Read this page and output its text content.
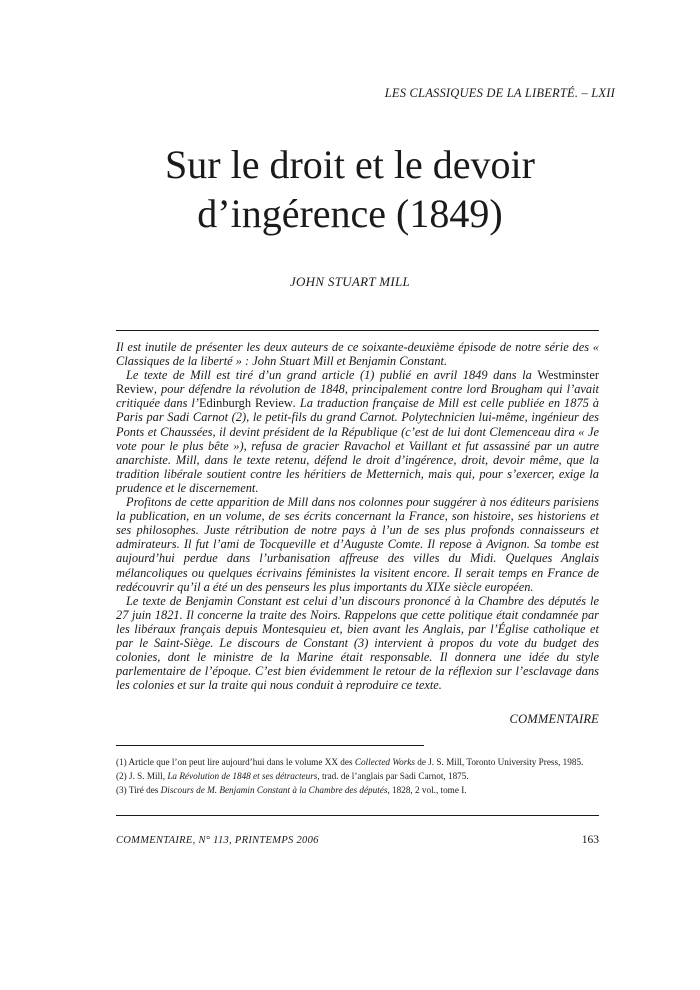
LES CLASSIQUES DE LA LIBERTÉ. – LXII
Sur le droit et le devoir
d’ingérence (1849)
JOHN STUART MILL

Il est inutile de présenter les deux auteurs de ce soixante-deuxième épisode de notre série des « Classiques de la liberté » : John Stuart Mill et Benjamin Constant.

Le texte de Mill est tiré d’un grand article (1) publié en avril 1849 dans la Westminster Review, pour défendre la révolution de 1848, principalement contre lord Brougham qui l’avait critiquée dans l’Edinburgh Review. La traduction française de Mill est celle publiée en 1875 à Paris par Sadi Carnot (2), le petit-fils du grand Carnot. Polytechnicien lui-même, ingénieur des Ponts et Chaussées, il devint président de la République (c’est de lui dont Clemenceau dira « Je vote pour le plus bête »), refusa de gracier Ravachol et Vaillant et fut assassiné par un autre anarchiste. Mill, dans le texte retenu, défend le droit d’ingérence, droit, devoir même, que la tradition libérale soutient contre les héritiers de Metternich, mais qui, pour s’exercer, exige la prudence et le discernement.

Profitons de cette apparition de Mill dans nos colonnes pour suggérer à nos éditeurs parisiens la publication, en un volume, de ses écrits concernant la France, son histoire, ses historiens et ses philosophes. Juste rétribution de notre pays à l’un de ses plus profonds connaisseurs et admirateurs. Il fut l’ami de Tocqueville et d’Auguste Comte. Il repose à Avignon. Sa tombe est aujourd’hui perdue dans l’urbanisation affreuse des villes du Midi. Quelques Anglais mélancoliques ou quelques écrivains féministes la visitent encore. Il serait temps en France de redécouvrir qu’il a été un des penseurs les plus importants du XIXe siècle européen.

Le texte de Benjamin Constant est celui d’un discours prononcé à la Chambre des députés le 27 juin 1821. Il concerne la traite des Noirs. Rappelons que cette politique était condamnée par les libéraux français depuis Montesquieu et, bien avant les Anglais, par l’Église catholique et par le Saint-Siège. Le discours de Constant (3) intervient à propos du vote du budget des colonies, dont le ministre de la Marine était responsable. Il donnera une idée du style parlementaire de l’époque. C’est bien évidemment le retour de la réflexion sur l’esclavage dans les colonies et sur la traite qui nous conduit à reproduire ce texte.

COMMENTAIRE
(1) Article que l’on peut lire aujourd’hui dans le volume XX des Collected Works de J. S. Mill, Toronto University Press, 1985.
(2) J. S. Mill, La Révolution de 1848 et ses détracteurs, trad. de l’anglais par Sadi Carnot, 1875.
(3) Tiré des Discours de M. Benjamin Constant à la Chambre des députés, 1828, 2 vol., tome I.
COMMENTAIRE, N° 113, PRINTEMPS 2006	163
